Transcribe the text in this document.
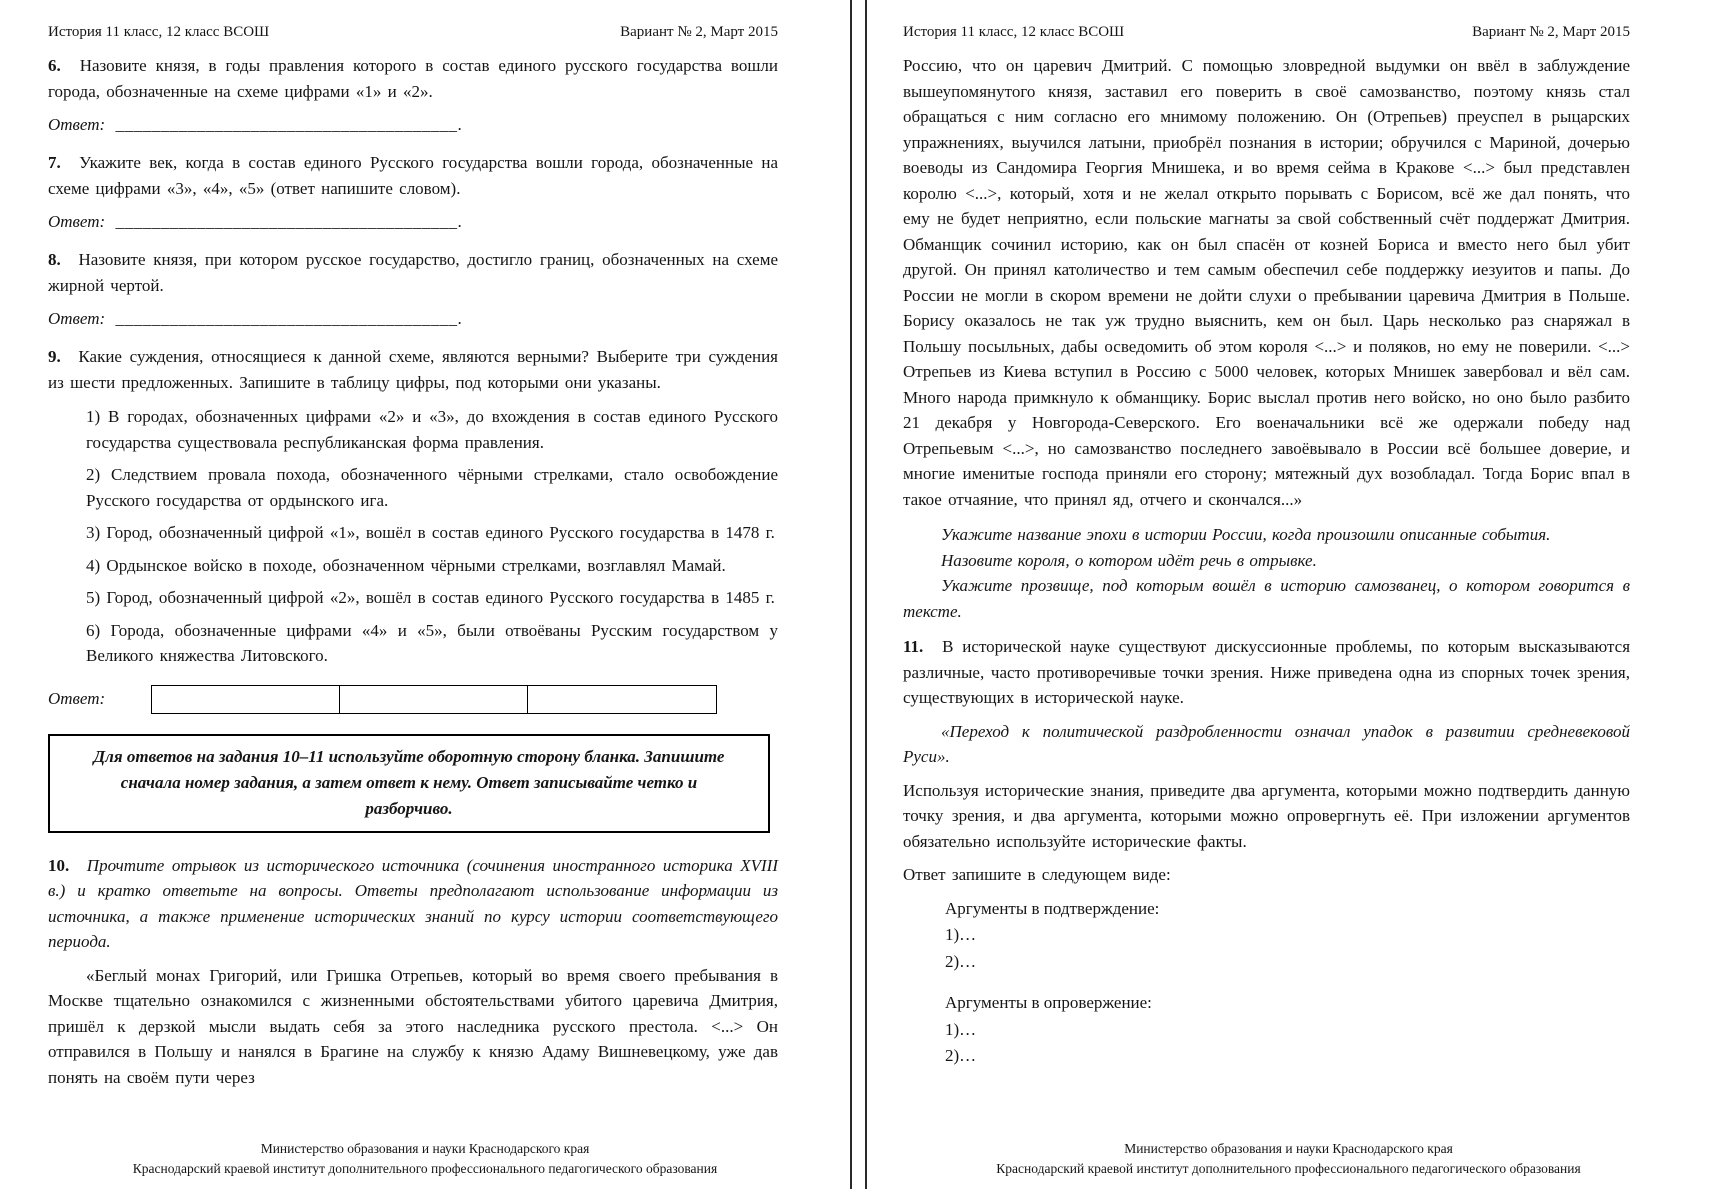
История 11 класс, 12 класс ВСОШ	Вариант № 2, Март 2015

6. Назовите князя, в годы правления которого в состав единого русского государства вошли города, обозначенные на схеме цифрами «1» и «2».

Ответ: ______________________________________.

7. Укажите век, когда в состав единого Русского государства вошли города, обозначенные на схеме цифрами «3», «4», «5» (ответ напишите словом).

Ответ: ______________________________________.

8. Назовите князя, при котором русское государство, достигло границ, обозначенных на схеме жирной чертой.

Ответ: ______________________________________.

9. Какие суждения, относящиеся к данной схеме, являются верными? Выберите три суждения из шести предложенных. Запишите в таблицу цифры, под которыми они указаны.

1) В городах, обозначенных цифрами «2» и «3», до вхождения в состав единого Русского государства существовала республиканская форма правления.

2) Следствием провала похода, обозначенного чёрными стрелками, стало освобождение Русского государства от ордынского ига.

3) Город, обозначенный цифрой «1», вошёл в состав единого Русского государства в 1478 г.

4) Ордынское войско в походе, обозначенном чёрными стрелками, возглавлял Мамай.

5) Город, обозначенный цифрой «2», вошёл в состав единого Русского государства в 1485 г.

6) Города, обозначенные цифрами «4» и «5», были отвоёваны Русским государством у Великого княжества Литовского.

Ответ:
Для ответов на задания 10–11 используйте оборотную сторону бланка. Запишите сначала номер задания, а затем ответ к нему. Ответ записывайте четко и разборчиво.

10. Прочтите отрывок из исторического источника (сочинения иностранного историка XVIII в.) и кратко ответьте на вопросы. Ответы предполагают использование информации из источника, а также применение исторических знаний по курсу истории соответствующего периода.

«Беглый монах Григорий, или Гришка Отрепьев, который во время своего пребывания в Москве тщательно ознакомился с жизненными обстоятельствами убитого царевича Дмитрия, пришёл к дерзкой мысли выдать себя за этого наследника русского престола. <...> Он отправился в Польшу и нанялся в Брагине на службу к князю Адаму Вишневецкому, уже дав понять на своём пути через

Министерство образования и науки Краснодарского края
Краснодарский краевой институт дополнительного профессионального педагогического образования
История 11 класс, 12 класс ВСОШ	Вариант № 2, Март 2015

Россию, что он царевич Дмитрий. С помощью зловредной выдумки он ввёл в заблуждение вышеупомянутого князя, заставил его поверить в своё самозванство, поэтому князь стал обращаться с ним согласно его мнимому положению. Он (Отрепьев) преуспел в рыцарских упражнениях, выучился латыни, приобрёл познания в истории; обручился с Мариной, дочерью воеводы из Сандомира Георгия Мнишека, и во время сейма в Кракове <...> был представлен королю <...>, который, хотя и не желал открыто порывать с Борисом, всё же дал понять, что ему не будет неприятно, если польские магнаты за свой собственный счёт поддержат Дмитрия. Обманщик сочинил историю, как он был спасён от козней Бориса и вместо него был убит другой. Он принял католичество и тем самым обеспечил себе поддержку иезуитов и папы. До России не могли в скором времени не дойти слухи о пребывании царевича Дмитрия в Польше. Борису оказалось не так уж трудно выяснить, кем он был. Царь несколько раз снаряжал в Польшу посыльных, дабы осведомить об этом короля <...> и поляков, но ему не поверили. <...> Отрепьев из Киева вступил в Россию с 5000 человек, которых Мнишек завербовал и вёл сам. Много народа примкнуло к обманщику. Борис выслал против него войско, но оно было разбито 21 декабря у Новгорода-Северского. Его военачальники всё же одержали победу над Отрепьевым <...>, но самозванство последнего завоёвывало в России всё большее доверие, и многие именитые господа приняли его сторону; мятежный дух возобладал. Тогда Борис впал в такое отчаяние, что принял яд, отчего и скончался...»

Укажите название эпохи в истории России, когда произошли описанные события.

Назовите короля, о котором идёт речь в отрывке.

Укажите прозвище, под которым вошёл в историю самозванец, о котором говорится в тексте.

11. В исторической науке существуют дискуссионные проблемы, по которым высказываются различные, часто противоречивые точки зрения. Ниже приведена одна из спорных точек зрения, существующих в исторической науке.

«Переход к политической раздробленности означал упадок в развитии средневековой Руси».

Используя исторические знания, приведите два аргумента, которыми можно подтвердить данную точку зрения, и два аргумента, которыми можно опровергнуть её. При изложении аргументов обязательно используйте исторические факты.

Ответ запишите в следующем виде:

Аргументы в подтверждение:

1)…

2)…

Аргументы в опровержение:

1)…

2)…

Министерство образования и науки Краснодарского края
Краснодарский краевой институт дополнительного профессионального педагогического образования
